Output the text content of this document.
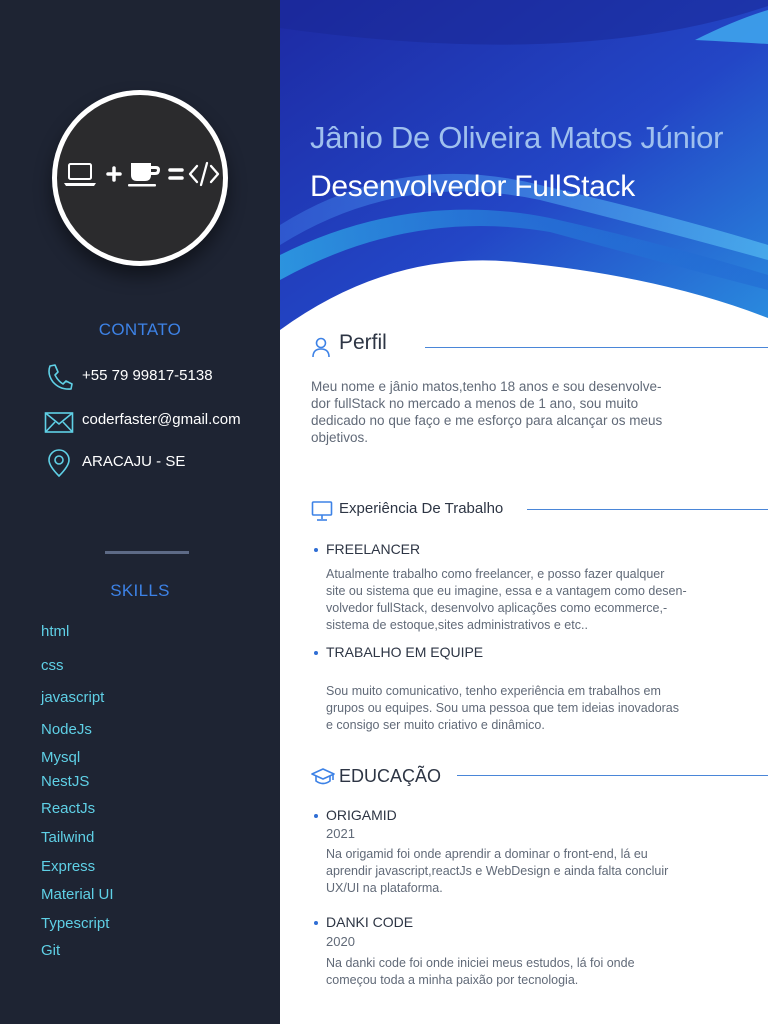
CONTATO
+55 79 99817-5138
coderfaster@gmail.com
ARACAJU - SE
SKILLS
html
css
javascript
NodeJs
Mysql
NestJS
ReactJs
Tailwind
Express
Material UI
Typescript
Git
Jânio De Oliveira Matos Júnior
Desenvolvedor FullStack
Perfil
Meu nome e jânio matos,tenho 18 anos e sou desenvolve-
dor fullStack no mercado a menos de 1 ano, sou muito
dedicado no que faço e me esforço para alcançar os meus
objetivos.
Experiência De Trabalho
FREELANCER
Atualmente trabalho como freelancer, e posso fazer qualquer
site ou sistema que eu imagine, essa e a vantagem como desen-
volvedor fullStack, desenvolvo aplicações como ecommerce,-
sistema de estoque,sites administrativos e etc..
TRABALHO EM EQUIPE
Sou muito comunicativo, tenho experiência em trabalhos em
grupos ou equipes. Sou uma pessoa que tem ideias inovadoras
e consigo ser muito criativo e dinâmico.
EDUCAÇÃO
ORIGAMID
2021
Na origamid foi onde aprendir a dominar o front-end, lá eu
aprendir javascript,reactJs e WebDesign e ainda falta concluir
UX/UI na plataforma.
DANKI CODE
2020
Na danki code foi onde iniciei meus estudos, lá foi onde
começou toda a minha paixão por tecnologia.
